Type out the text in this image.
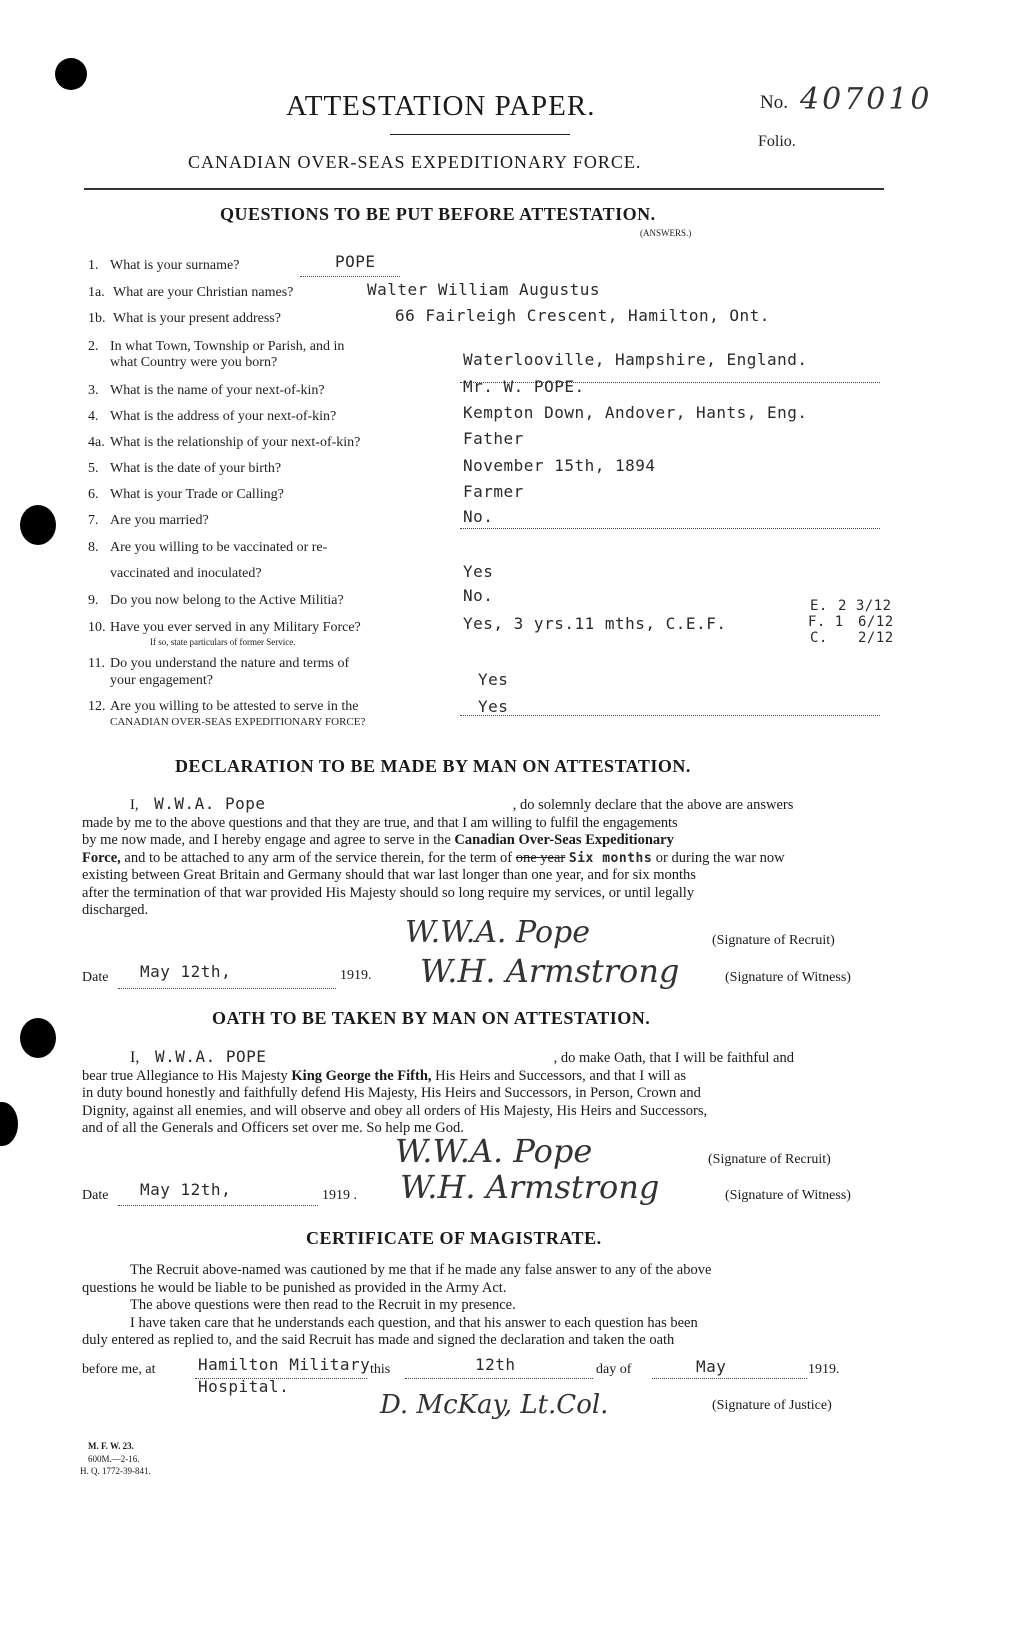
ATTESTATION PAPER.	No. 407010
Folio.
CANADIAN OVER-SEAS EXPEDITIONARY FORCE.
QUESTIONS TO BE PUT BEFORE ATTESTATION.
(ANSWERS.)
1. What is your surname?	POPE
1a. What are your Christian names?	Walter William Augustus
1b. What is your present address?	66 Fairleigh Crescent, Hamilton, Ont.
2. In what Town, Township or Parish, and in
what Country were you born?	Waterlooville, Hampshire, England.
3. What is the name of your next-of-kin?	Mr. W. POPE.
4. What is the address of your next-of-kin?	Kempton Down, Andover, Hants, Eng.
4a. What is the relationship of your next-of-kin?	Father
5. What is the date of your birth?	November 15th, 1894
6. What is your Trade or Calling?	Farmer
7. Are you married?	No.
8. Are you willing to be vaccinated or re-
vaccinated and inoculated?	Yes
9. Do you now belong to the Active Militia?	No.
10. Have you ever served in any Military Force?
If so, state particulars of former Service.
Yes, 3 yrs.11 mths, C.E.F.
E. 2 3/12
F. 1 6/12
C. 2/12
11. Do you understand the nature and terms of
your engagement?	Yes
12. Are you willing to be attested to serve in the
CANADIAN OVER-SEAS EXPEDITIONARY FORCE?
Yes
DECLARATION TO BE MADE BY MAN ON ATTESTATION.
I, W.W.A. Pope	, do solemnly declare that the above are answers
made by me to the above questions and that they are true, and that I am willing to fulfil the engagements
by me now made, and I hereby engage and agree to serve in the Canadian Over-Seas Expeditionary
Force, and to be attached to any arm of the service therein, for the term of one year Six months or during the war now
existing between Great Britain and Germany should that war last longer than one year, and for six months
after the termination of that war provided His Majesty should so long require my services, or until legally
discharged.
W.W.A. Pope	(Signature of Recruit)
Date May 12th,	1919. W.H. Armstrong	(Signature of Witness)
OATH TO BE TAKEN BY MAN ON ATTESTATION.
I, W.W.A. POPE	, do make Oath, that I will be faithful and
bear true Allegiance to His Majesty King George the Fifth, His Heirs and Successors, and that I will as
in duty bound honestly and faithfully defend His Majesty, His Heirs and Successors, in Person, Crown and
Dignity, against all enemies, and will observe and obey all orders of His Majesty, His Heirs and Successors,
and of all the Generals and Officers set over me. So help me God.
W.W.A. Pope	(Signature of Recruit)
Date May 12th,	1919 . W.H. Armstrong	(Signature of Witness)
CERTIFICATE OF MAGISTRATE.
The Recruit above-named was cautioned by me that if he made any false answer to any of the above
questions he would be liable to be punished as provided in the Army Act.
The above questions were then read to the Recruit in my presence.
I have taken care that he understands each question, and that his answer to each question has been
duly entered as replied to, and the said Recruit has made and signed the declaration and taken the oath
before me, at	Hamilton Military
Hospital.
this	12th	day of	May	1919.
D. McKay, Lt.Col.	(Signature of Justice)
M. F. W. 23.
600M.—2-16.
H. Q. 1772-39-841.
